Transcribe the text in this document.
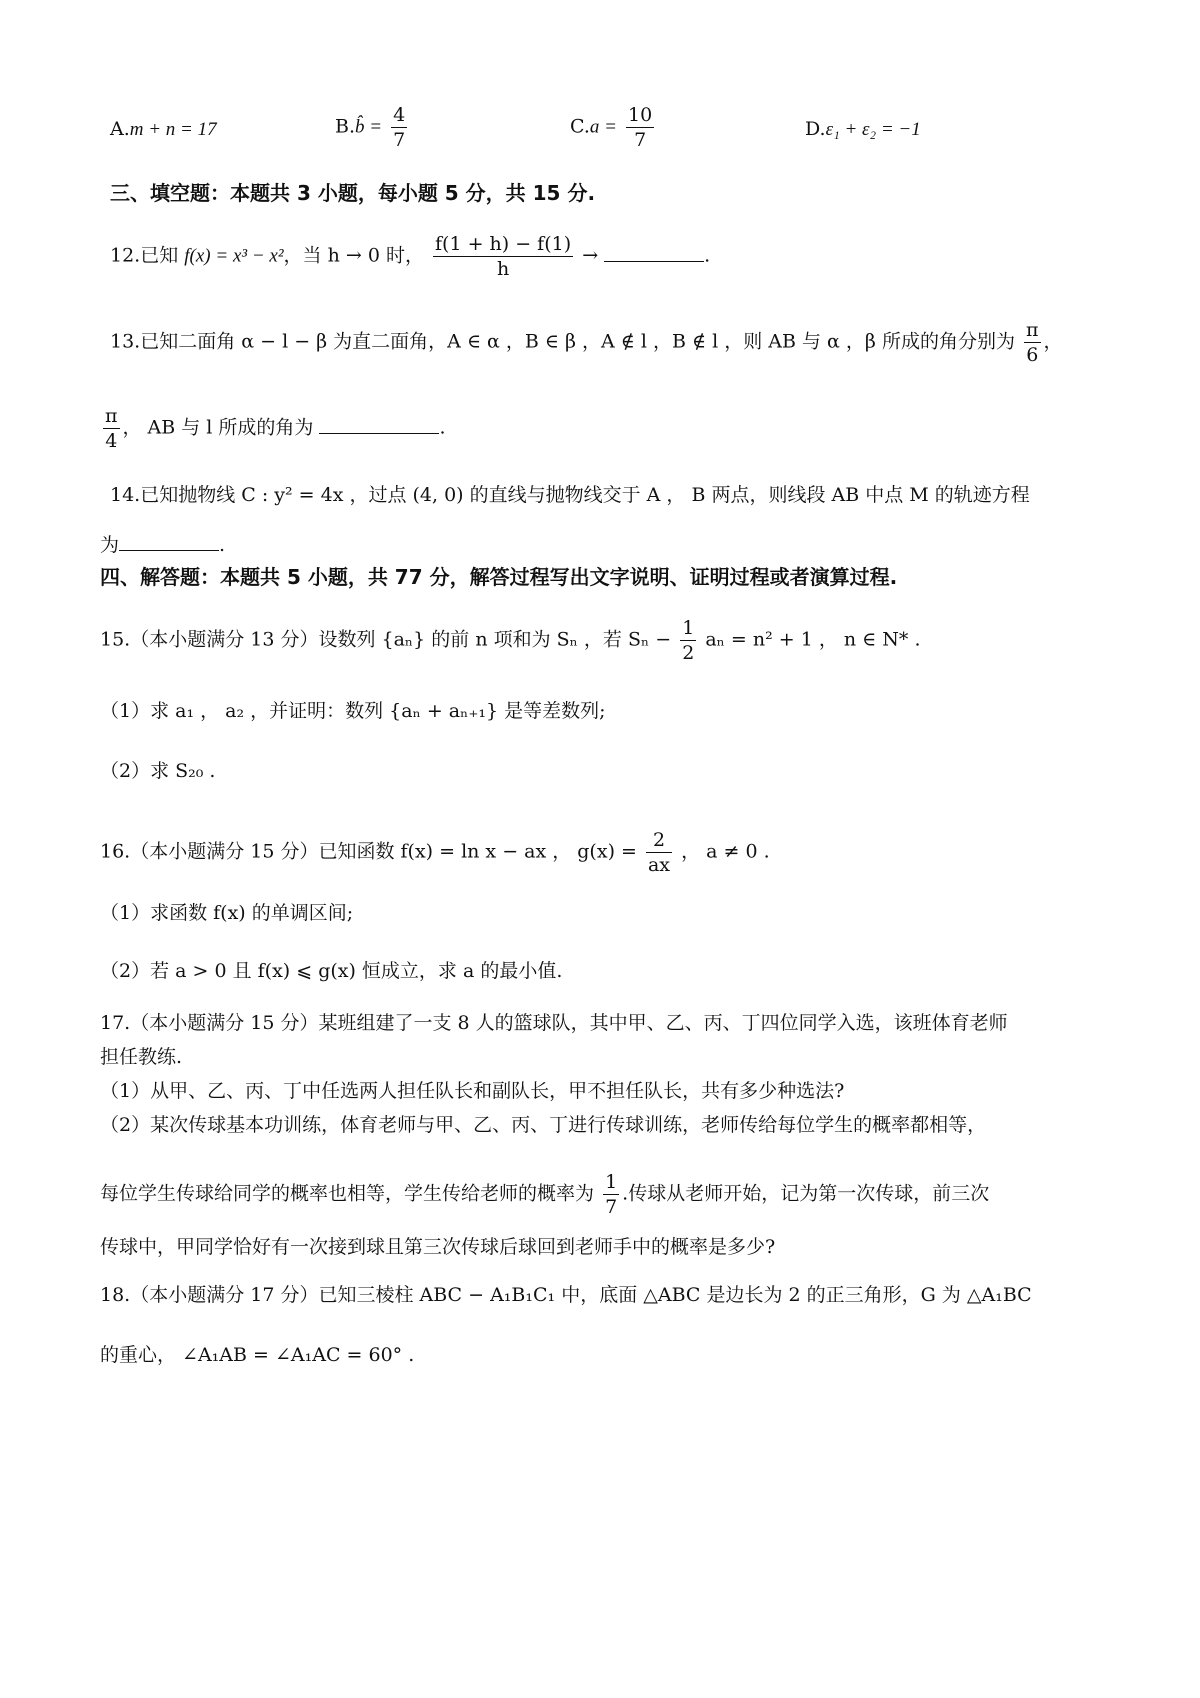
A.m + n = 17	B.b̂ = $\frac{4}{7}$	$C.a = \frac{10}{7}$	D.ε₁ + ε₂ = −1
三、填空题：本题共 3 小题，每小题 5 分，共 15 分.
12.已知 f(x) = x³ − x²，当 h → 0 时， $\frac{f(1 + h) - f(1)}{h}$ →	.
13.已知二面角 α − l − β 为直二面角，A ∈ α ，B ∈ β ，A ∉ l ，B ∉ l ，则 AB 与 α ，β 所成的角分别为 $\frac{\pi}{6}$ ，
$\frac{\pi}{4}$ ， AB 与 l 所成的角为	.
14.已知抛物线 C : y² = 4x ，过点 (4, 0) 的直线与抛物线交于 A ， B 两点，则线段 AB 中点 M 的轨迹方程
为	.
四、解答题：本题共 5 小题，共 77 分，解答过程写出文字说明、证明过程或者演算过程.
15.（本小题满分 13 分）设数列 {aₙ} 的前 n 项和为 Sₙ ，若 $S_n - \frac{1}{2}$ aₙ = n² + 1 ， n ∈ N* .
（1）求 a₁ ， a₂ ，并证明：数列 {aₙ + aₙ₊₁} 是等差数列;
（2）求 S₂₀ .
16.（本小题满分 15 分）已知函数 f(x) = ln x − ax ， $g(x) = \frac{2}{ax}$ ， a ≠ 0 .
（1）求函数 f(x) 的单调区间;
（2）若 a > 0 且 f(x) ⩽ g(x) 恒成立，求 a 的最小值.
17.（本小题满分 15 分）某班组建了一支 8 人的篮球队，其中甲、乙、丙、丁四位同学入选，该班体育老师
担任教练.
（1）从甲、乙、丙、丁中任选两人担任队长和副队长，甲不担任队长，共有多少种选法?
（2）某次传球基本功训练，体育老师与甲、乙、丙、丁进行传球训练，老师传给每位学生的概率都相等，
每位学生传球给同学的概率也相等，学生传给老师的概率为 $\frac{1}{7}$ .传球从老师开始，记为第一次传球，前三次
传球中，甲同学恰好有一次接到球且第三次传球后球回到老师手中的概率是多少?
18.（本小题满分 17 分）已知三棱柱 ABC − A₁B₁C₁ 中，底面 △ABC 是边长为 2 的正三角形，G 为 △A₁BC
的重心， ∠A₁AB = ∠A₁AC = 60° .
